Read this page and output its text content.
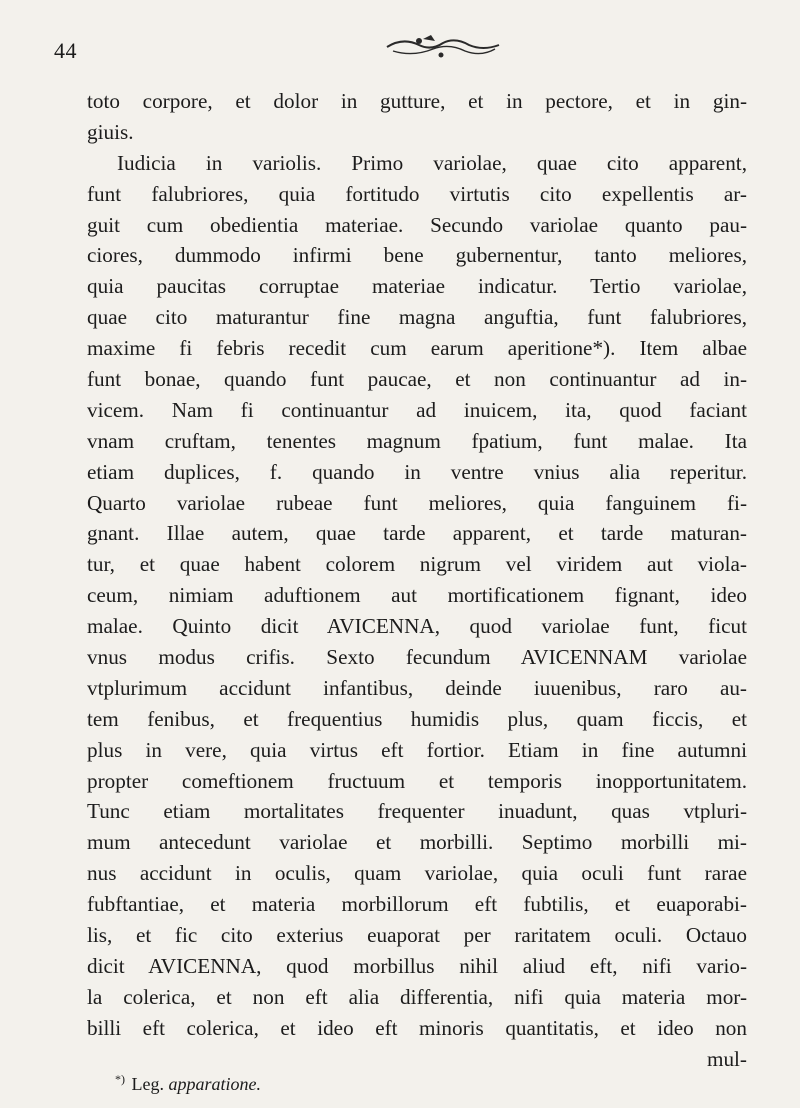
44
toto corpore, et dolor in gutture, et in pectore, et in gin-
giuis.
Iudicia in variolis. Primo variolae, quae cito apparent,
funt falubriores, quia fortitudo virtutis cito expellentis ar-
guit cum obedientia materiae. Secundo variolae quanto pau-
ciores, dummodo infirmi bene gubernentur, tanto meliores,
quia paucitas corruptae materiae indicatur. Tertio variolae,
quae cito maturantur fine magna anguftia, funt falubriores,
maxime fi febris recedit cum earum aperitione*). Item albae
funt bonae, quando funt paucae, et non continuantur ad in-
vicem. Nam fi continuantur ad inuicem, ita, quod faciant
vnam cruftam, tenentes magnum fpatium, funt malae. Ita
etiam duplices, f. quando in ventre vnius alia reperitur.
Quarto variolae rubeae funt meliores, quia fanguinem fi-
gnant. Illae autem, quae tarde apparent, et tarde maturan-
tur, et quae habent colorem nigrum vel viridem aut viola-
ceum, nimiam aduftionem aut mortificationem fignant, ideo
malae. Quinto dicit AVICENNA, quod variolae funt, ficut
vnus modus crifis. Sexto fecundum AVICENNAM variolae
vtplurimum accidunt infantibus, deinde iuuenibus, raro au-
tem fenibus, et frequentius humidis plus, quam ficcis, et
plus in vere, quia virtus eft fortior. Etiam in fine autumni
propter comeftionem fructuum et temporis inopportunitatem.
Tunc etiam mortalitates frequenter inuadunt, quas vtpluri-
mum antecedunt variolae et morbilli. Septimo morbilli mi-
nus accidunt in oculis, quam variolae, quia oculi funt rarae
fubftantiae, et materia morbillorum eft fubtilis, et euaporabi-
lis, et fic cito exterius euaporat per raritatem oculi. Octauo
dicit AVICENNA, quod morbillus nihil aliud eft, nifi vario-
la colerica, et non eft alia differentia, nifi quia materia mor-
billi eft colerica, et ideo eft minoris quantitatis, et ideo non
mul-
*) Leg. apparatione.
